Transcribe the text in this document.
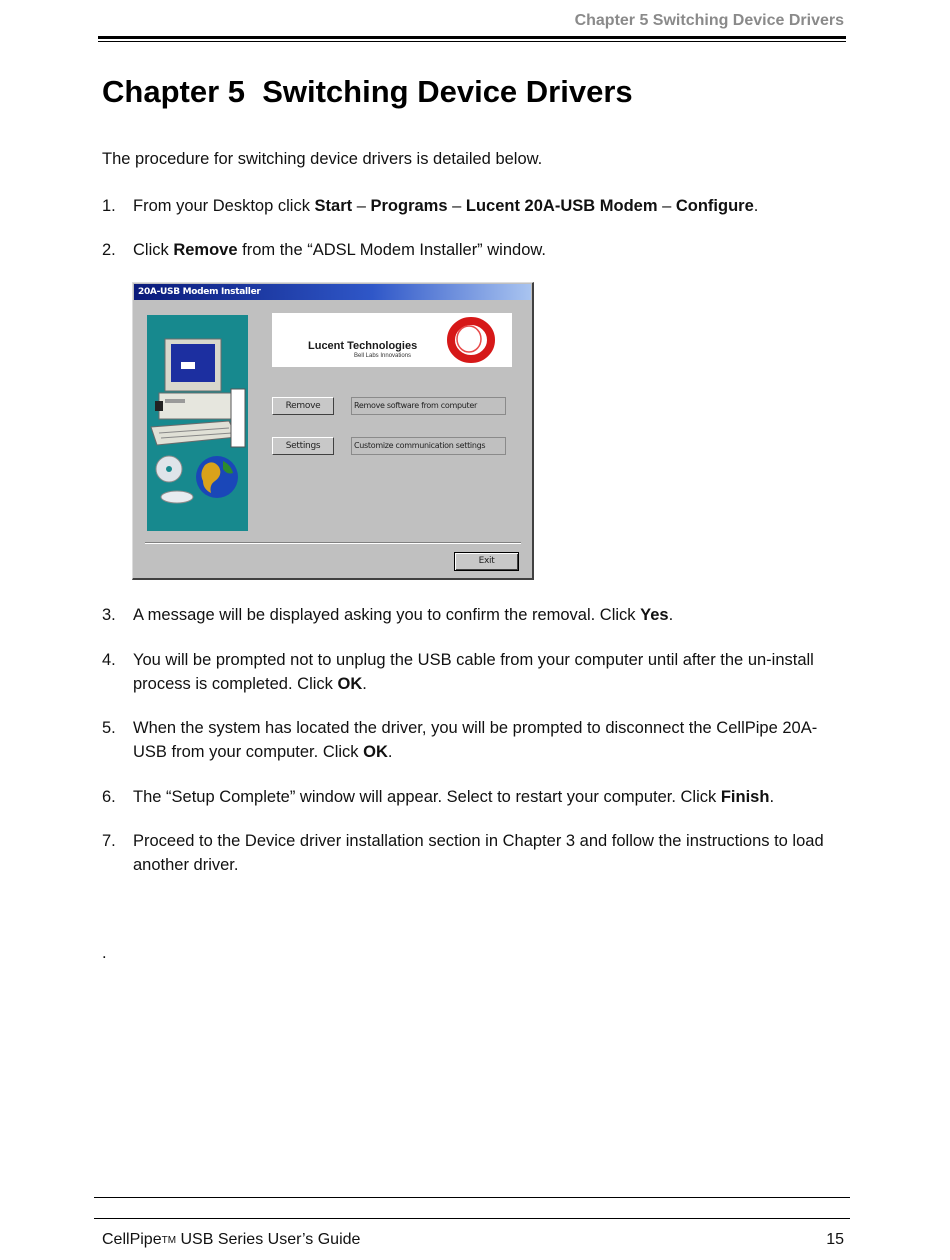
Chapter 5 Switching Device Drivers
Chapter 5  Switching Device Drivers
The procedure for switching device drivers is detailed below.
1. From your Desktop click Start – Programs – Lucent 20A-USB Modem – Configure.
2. Click Remove from the “ADSL Modem Installer” window.
20A-USB Modem Installer
Lucent Technologies
Bell Labs Innovations
Remove	Remove software from computer
Settings	Customize communication settings
Exit
3. A message will be displayed asking you to confirm the removal. Click Yes.
4. You will be prompted not to unplug the USB cable from your computer until after the un-install process is completed. Click OK.
5. When the system has located the driver, you will be prompted to disconnect the CellPipe 20A-USB from your computer. Click OK.
6. The “Setup Complete” window will appear. Select to restart your computer. Click Finish.
7. Proceed to the Device driver installation section in Chapter 3 and follow the instructions to load another driver.
.
CellPipeTM USB Series User’s Guide	15
